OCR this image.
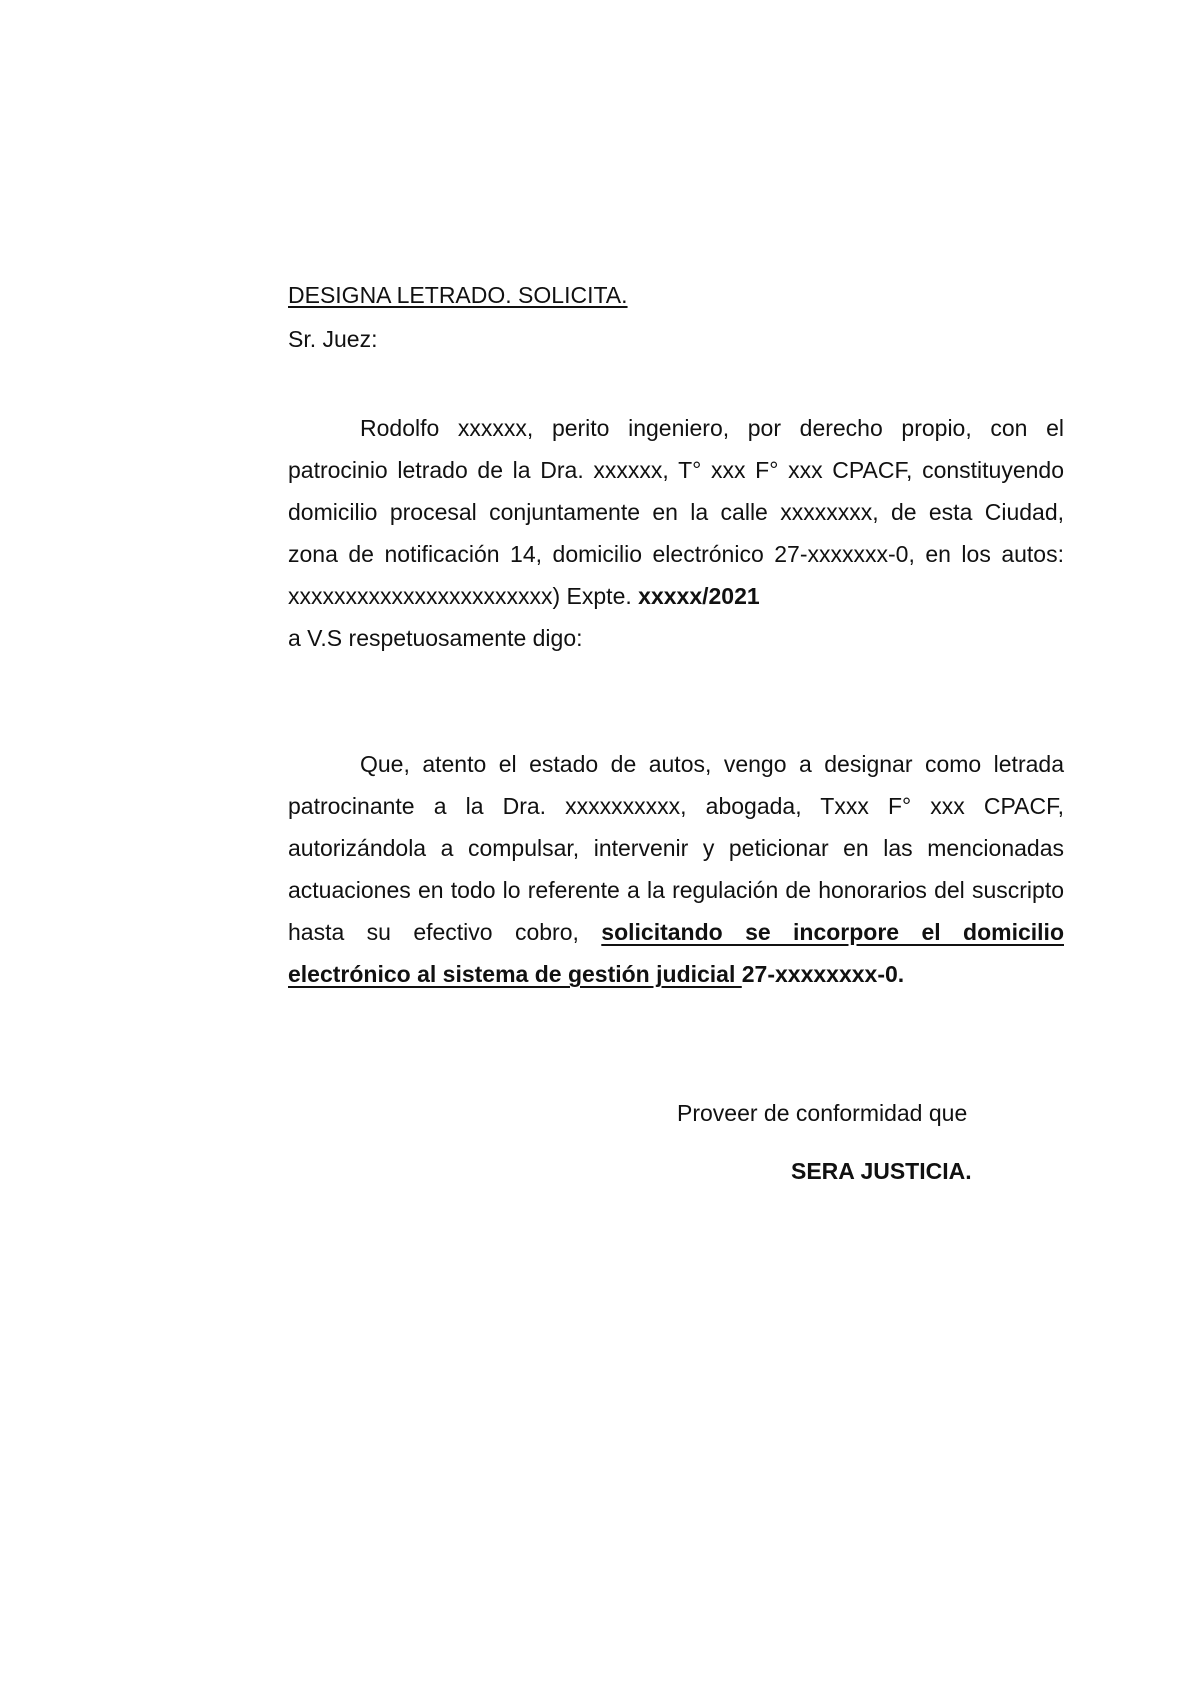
DESIGNA LETRADO. SOLICITA.
Sr. Juez:

Rodolfo xxxxxx, perito ingeniero, por derecho propio, con el patrocinio letrado de la Dra. xxxxxx, T° xxx F° xxx CPACF, constituyendo domicilio procesal conjuntamente en la calle xxxxxxxx, de esta Ciudad, zona de notificación 14, domicilio electrónico 27-xxxxxxx-0, en los autos: xxxxxxxxxxxxxxxxxxxxxxx) Expte. xxxxx/2021
a V.S respetuosamente digo:

Que, atento el estado de autos, vengo a designar como letrada patrocinante a la Dra. xxxxxxxxxx, abogada, Txxx F° xxx CPACF, autorizándola a compulsar, intervenir y peticionar en las mencionadas actuaciones en todo lo referente a la regulación de honorarios del suscripto hasta su efectivo cobro, solicitando se incorpore el domicilio electrónico al sistema de gestión judicial 27-xxxxxxxx-0.

Proveer de conformidad que
SERA JUSTICIA.
